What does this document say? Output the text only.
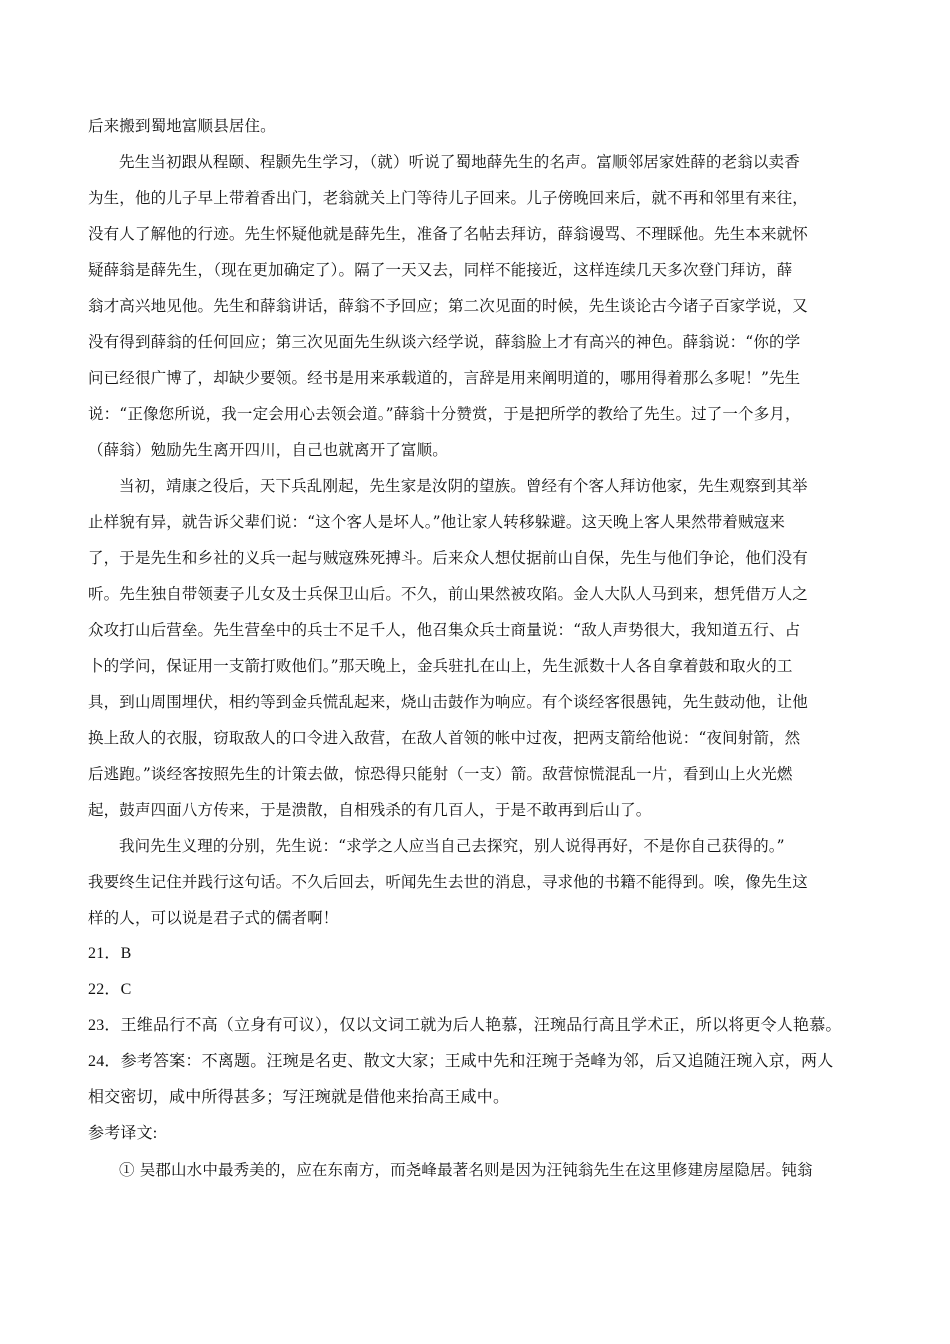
后来搬到蜀地富顺县居住。
先生当初跟从程颐、程颢先生学习，（就）听说了蜀地薛先生的名声。富顺邻居家姓薛的老翁以卖香
为生，他的儿子早上带着香出门，老翁就关上门等待儿子回来。儿子傍晚回来后，就不再和邻里有来往，
没有人了解他的行迹。先生怀疑他就是薛先生，准备了名帖去拜访，薛翁谩骂、不理睬他。先生本来就怀
疑薛翁是薛先生，（现在更加确定了）。隔了一天又去，同样不能接近，这样连续几天多次登门拜访，薛
翁才高兴地见他。先生和薛翁讲话，薛翁不予回应；第二次见面的时候，先生谈论古今诸子百家学说，又
没有得到薛翁的任何回应；第三次见面先生纵谈六经学说，薛翁脸上才有高兴的神色。薛翁说：“你的学
问已经很广博了，却缺少要领。经书是用来承载道的，言辞是用来阐明道的，哪用得着那么多呢！”先生
说：“正像您所说，我一定会用心去领会道。”薛翁十分赞赏，于是把所学的教给了先生。过了一个多月，
（薛翁）勉励先生离开四川，自己也就离开了富顺。
当初，靖康之役后，天下兵乱刚起，先生家是汝阴的望族。曾经有个客人拜访他家，先生观察到其举
止样貌有异，就告诉父辈们说：“这个客人是坏人。”他让家人转移躲避。这天晚上客人果然带着贼寇来
了，于是先生和乡社的义兵一起与贼寇殊死搏斗。后来众人想仗据前山自保，先生与他们争论，他们没有
听。先生独自带领妻子儿女及士兵保卫山后。不久，前山果然被攻陷。金人大队人马到来，想凭借万人之
众攻打山后营垒。先生营垒中的兵士不足千人，他召集众兵士商量说：“敌人声势很大，我知道五行、占
卜的学问，保证用一支箭打败他们。”那天晚上，金兵驻扎在山上，先生派数十人各自拿着鼓和取火的工
具，到山周围埋伏，相约等到金兵慌乱起来，烧山击鼓作为响应。有个谈经客很愚钝，先生鼓动他，让他
换上敌人的衣服，窃取敌人的口令进入敌营，在敌人首领的帐中过夜，把两支箭给他说：“夜间射箭，然
后逃跑。”谈经客按照先生的计策去做，惊恐得只能射（一支）箭。敌营惊慌混乱一片，看到山上火光燃
起，鼓声四面八方传来，于是溃散，自相残杀的有几百人，于是不敢再到后山了。
我问先生义理的分别，先生说：“求学之人应当自己去探究，别人说得再好，不是你自己获得的。”
我要终生记住并践行这句话。不久后回去，听闻先生去世的消息，寻求他的书籍不能得到。唉，像先生这
样的人，可以说是君子式的儒者啊！
21．B
22．C
23．王维品行不高（立身有可议），仅以文词工就为后人艳慕，汪琬品行高且学术正，所以将更令人艳慕。
24．参考答案：不离题。汪琬是名吏、散文大家；王咸中先和汪琬于尧峰为邻，后又追随汪琬入京，两人
相交密切，咸中所得甚多；写汪琬就是借他来抬高王咸中。
参考译文:
① 吴郡山水中最秀美的，应在东南方，而尧峰最著名则是因为汪钝翁先生在这里修建房屋隐居。钝翁
